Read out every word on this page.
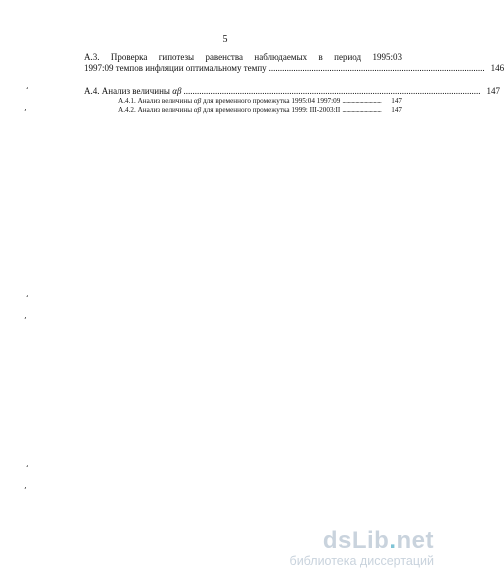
5
A.3. Проверка гипотезы равенства наблюдаемых в период 1995:03
1997:09 темпов инфляции оптимальному темпу ................................................................................................ 146
A.4. Анализ величины αβ .................................................................................................................................... 147
A.4.1. Анализ величины αβ для временного промежутка 1995:04 1997:09 ..............................	147
A.4.2. Анализ величины αβ для временного промежутка 1999: III-2003:II ..............................	147
ʻ
ʼ
ʻ
ʼ
ʻ
ʼ
dsLib.net
библиотека диссертаций
